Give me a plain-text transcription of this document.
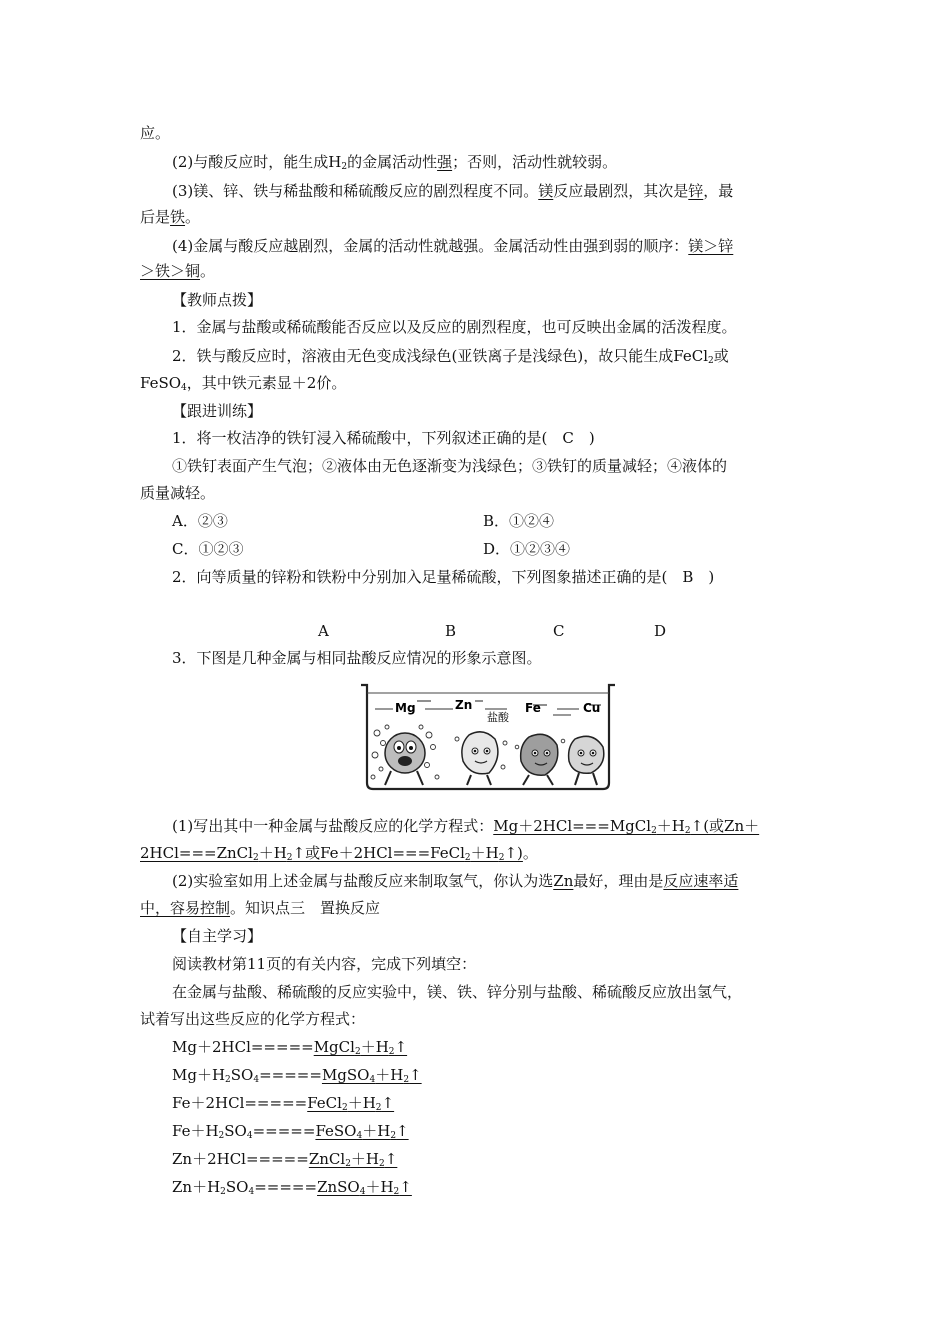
应。
(2)与酸反应时，能生成$H_2$的金属活动性强；否则，活动性就较弱。
(3)镁、锌、铁与稀盐酸和稀硫酸反应的剧烈程度不同。镁反应最剧烈，其次是锌，最
后是铁。
(4)金属与酸反应越剧烈，金属的活动性就越强。金属活动性由强到弱的顺序：镁＞锌
＞铁＞铜。
【教师点拨】
1．金属与盐酸或稀硫酸能否反应以及反应的剧烈程度，也可反映出金属的活泼程度。
2．铁与酸反应时，溶液由无色变成浅绿色(亚铁离子是浅绿色)，故只能生成FeCl$_2$或
FeSO$_4$，其中铁元素显＋2价。
【跟进训练】
1．将一枚洁净的铁钉浸入稀硫酸中，下列叙述正确的是(　C　)
①铁钉表面产生气泡；②液体由无色逐渐变为浅绿色；③铁钉的质量减轻；④液体的
质量减轻。
A．②③	B．①②④
C．①②③	D．①②③④
2．向等质量的锌粉和铁粉中分别加入足量稀硫酸，下列图象描述正确的是(　B　)
A	B	C	D
3．下图是几种金属与相同盐酸反应情况的形象示意图。
Mg	Zn
盐酸
Fe	Cu
(1)写出其中一种金属与盐酸反应的化学方程式：$Mg+2HCl===MgCl_2+H_2↑$(或Zn＋
$2HCl===ZnCl_2+H_2↑$或$Fe+2HCl===FeCl_2+H_2↑$)。
(2)实验室如用上述金属与盐酸反应来制取氢气，你认为选Zn最好，理由是反应速率适
中，容易控制。知识点三　置换反应
【自主学习】
阅读教材第11页的有关内容，完成下列填空：
在金属与盐酸、稀硫酸的反应实验中，镁、铁、锌分别与盐酸、稀硫酸反应放出氢气，
试着写出这些反应的化学方程式：
$Mg+2HCl=====MgCl_2+H_2↑$
$Mg+H_2SO_4=====MgSO_4+H_2↑$
$Fe+2HCl=====FeCl_2+H_2↑$
$Fe+H_2SO_4=====FeSO_4+H_2↑$
$Zn+2HCl=====ZnCl_2+H_2↑$
$Zn+H_2SO_4=====ZnSO_4+H_2↑$
